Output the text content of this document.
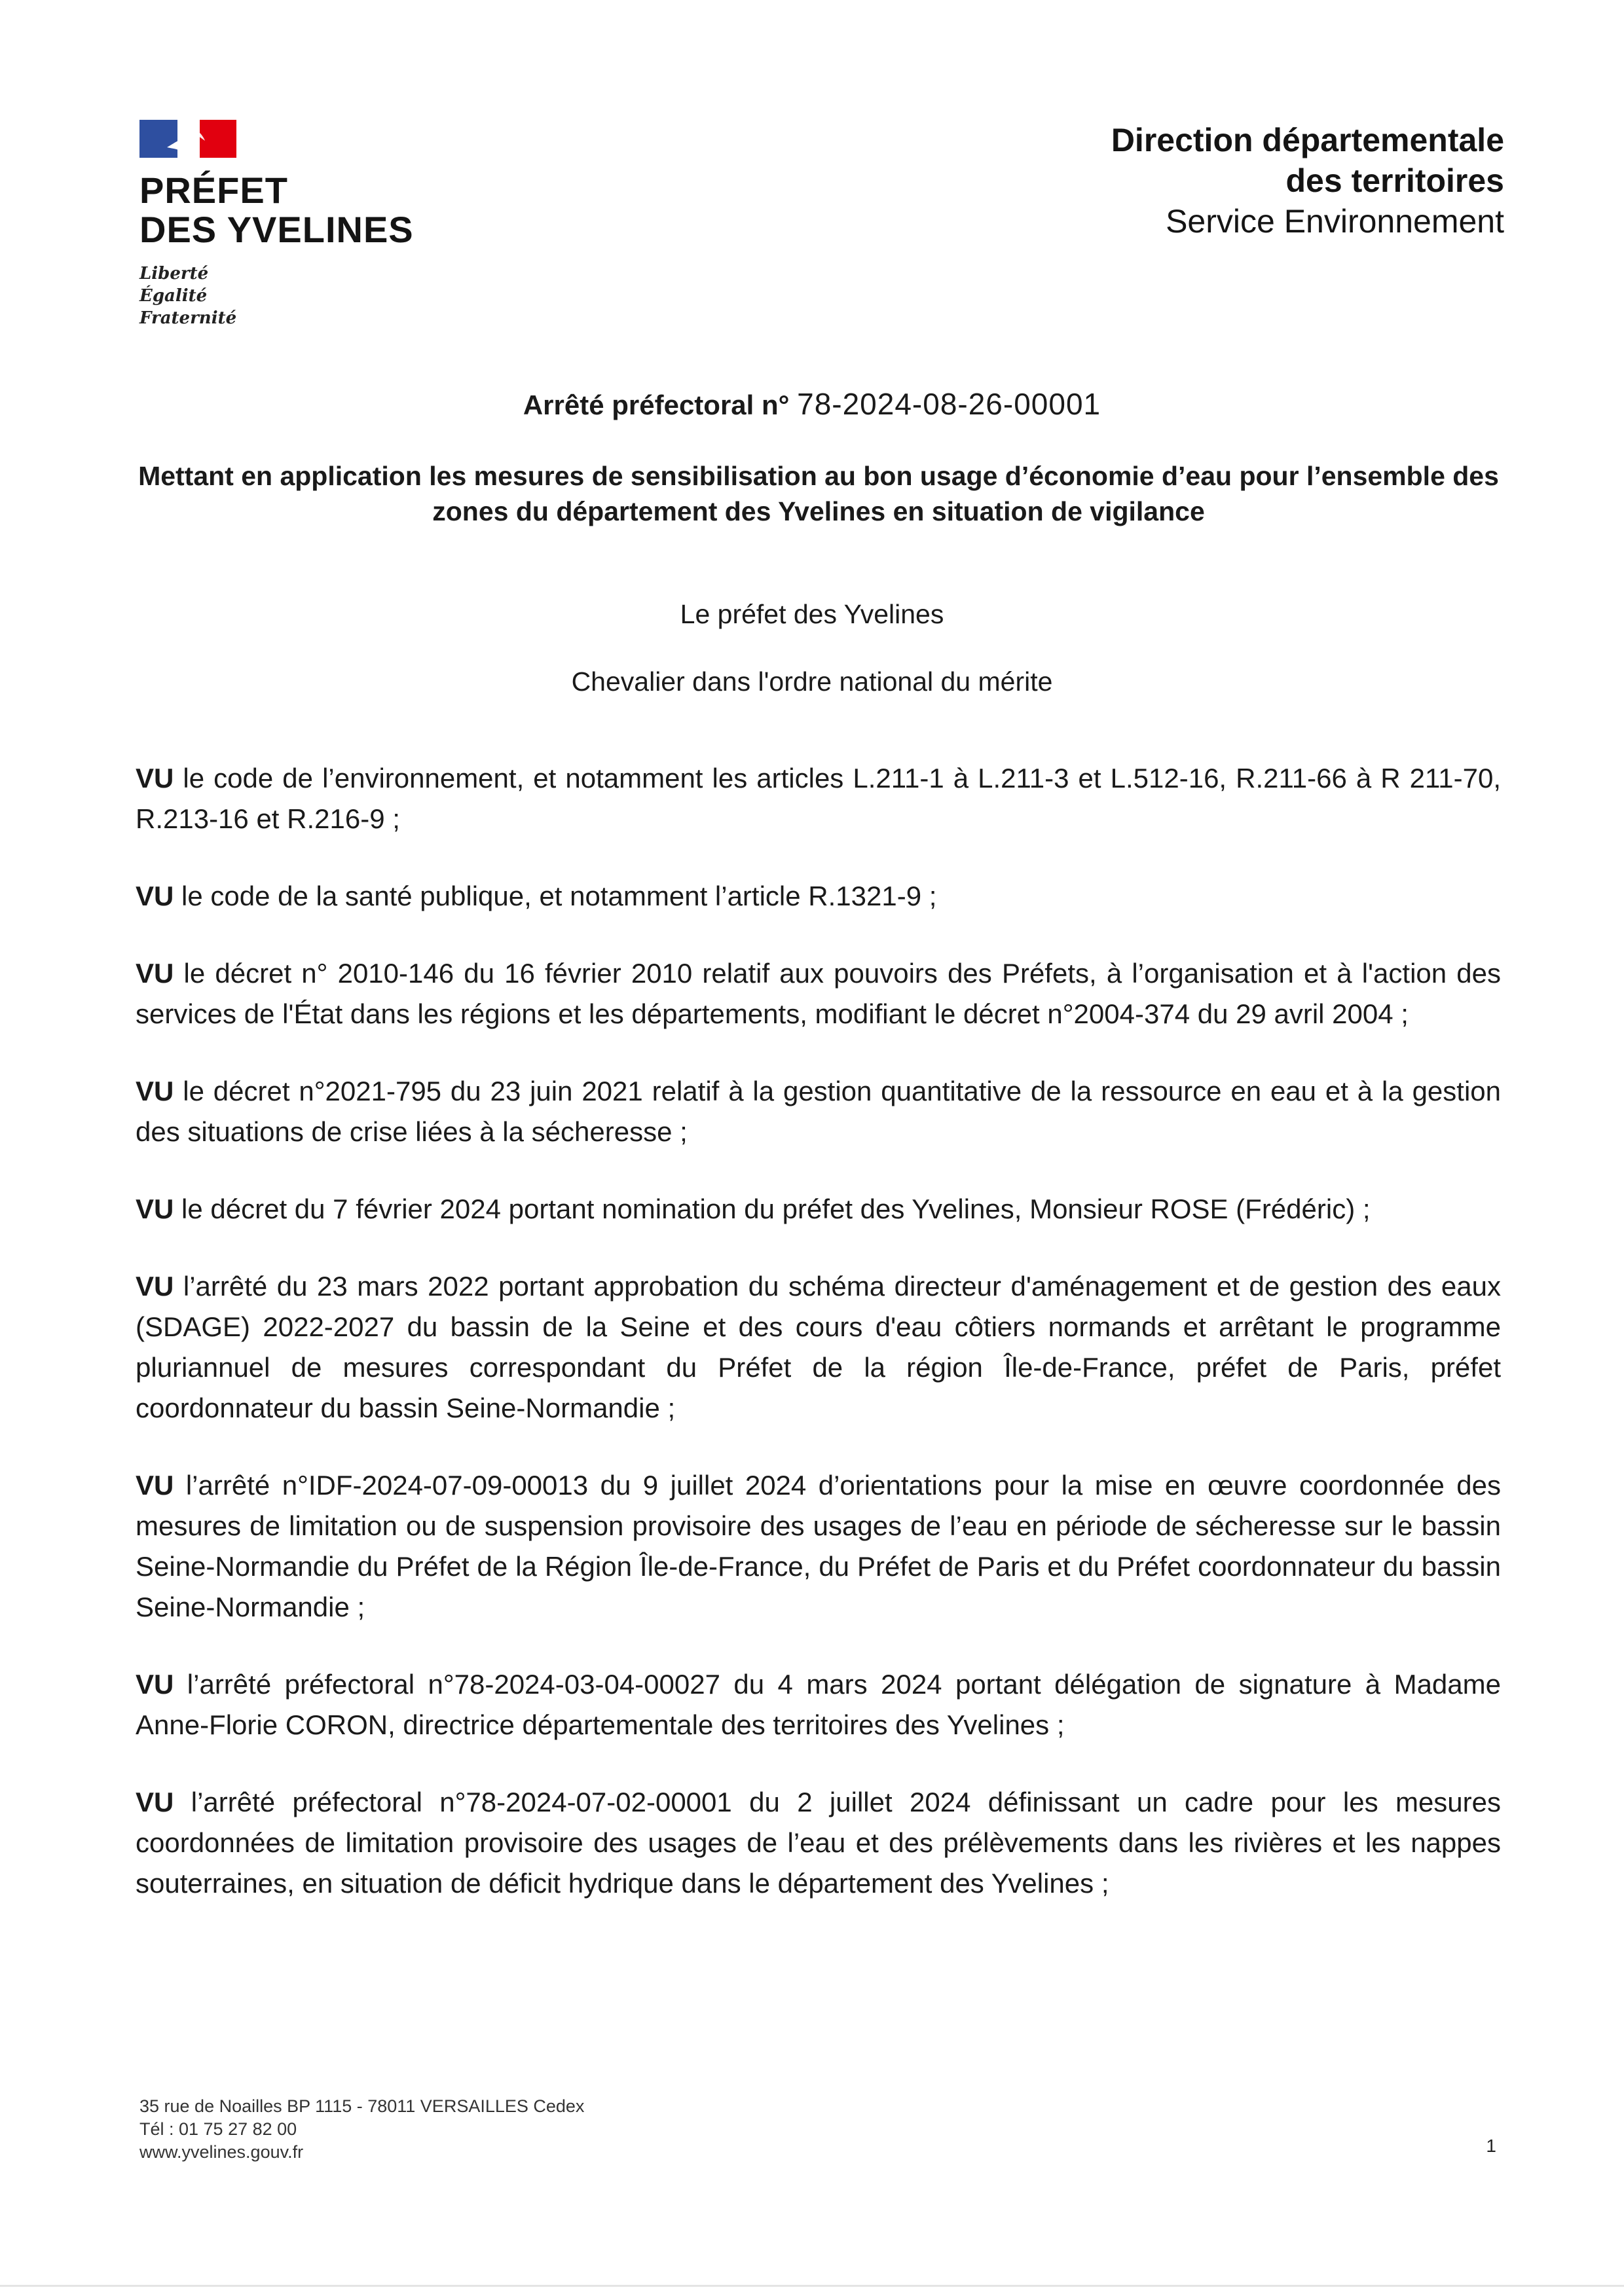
PRÉFET
DES YVELINES
Liberté
Égalité
Fraternité
Direction départementale
des territoires
Service Environnement
Arrêté préfectoral n° 78-2024-08-26-00001
Mettant en application les mesures de sensibilisation au bon usage d’économie d’eau pour l’ensemble des zones du département des Yvelines en situation de vigilance
Le préfet des Yvelines
Chevalier dans l'ordre national du mérite

VU le code de l’environnement, et notamment les articles L.211-1 à L.211-3 et L.512-16, R.211-66 à R 211-70, R.213-16 et R.216-9 ;

VU le code de la santé publique, et notamment l’article R.1321-9 ;

VU le décret n° 2010-146 du 16 février 2010 relatif aux pouvoirs des Préfets, à l’organisation et à l'action des services de l'État dans les régions et les départements, modifiant le décret n°2004-374 du 29 avril 2004 ;

VU le décret n°2021-795 du 23 juin 2021 relatif à la gestion quantitative de la ressource en eau et à la gestion des situations de crise liées à la sécheresse ;

VU le décret du 7 février 2024 portant nomination du préfet des Yvelines, Monsieur ROSE (Frédéric) ;

VU l’arrêté du 23 mars 2022 portant approbation du schéma directeur d'aménagement et de gestion des eaux (SDAGE) 2022-2027 du bassin de la Seine et des cours d'eau côtiers normands et arrêtant le programme pluriannuel de mesures correspondant du Préfet de la région Île-de-France, préfet de Paris, préfet coordonnateur du bassin Seine-Normandie ;

VU l’arrêté n°IDF-2024-07-09-00013 du 9 juillet 2024 d’orientations pour la mise en œuvre coordonnée des mesures de limitation ou de suspension provisoire des usages de l’eau en période de sécheresse sur le bassin Seine-Normandie du Préfet de la Région Île-de-France, du Préfet de Paris et du Préfet coordonnateur du bassin Seine-Normandie ;

VU l’arrêté préfectoral n°78-2024-03-04-00027 du 4 mars 2024 portant délégation de signature à Madame Anne-Florie CORON, directrice départementale des territoires des Yvelines ;

VU l’arrêté préfectoral n°78-2024-07-02-00001 du 2 juillet 2024 définissant un cadre pour les mesures coordonnées de limitation provisoire des usages de l’eau et des prélèvements dans les rivières et les nappes souterraines, en situation de déficit hydrique dans le département des Yvelines ;

35 rue de Noailles BP 1115 - 78011 VERSAILLES Cedex
Tél : 01 75 27 82 00
www.yvelines.gouv.fr	1
